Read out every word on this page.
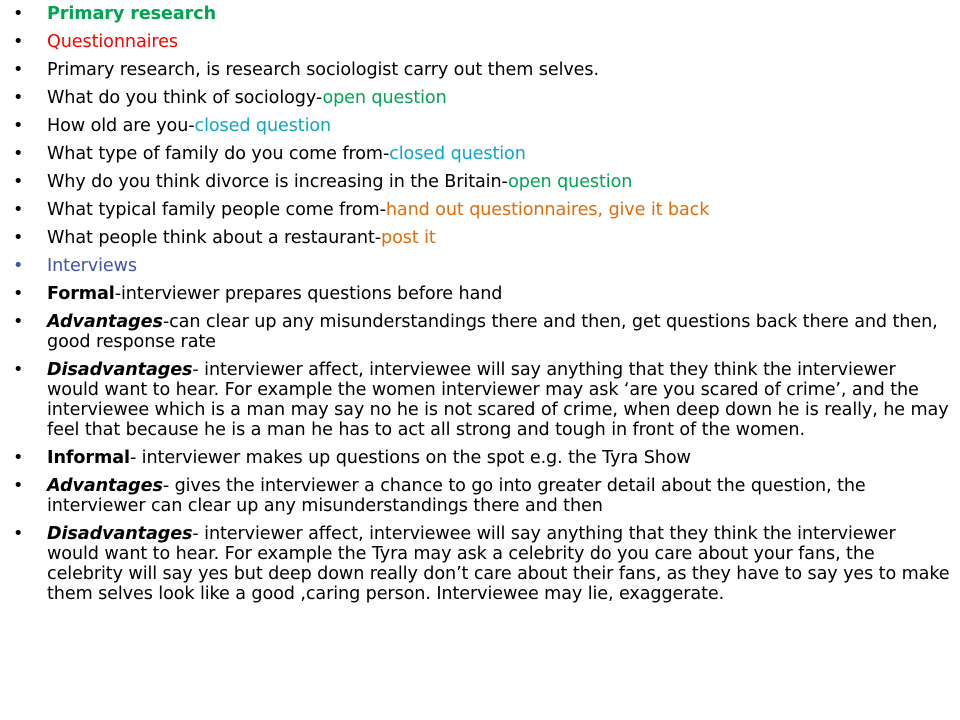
• Primary research
• Questionnaires
• Primary research, is research sociologist carry out them selves.
• What do you think of sociology-open question
• How old are you-closed question
• What type of family do you come from-closed question
• Why do you think divorce is increasing in the Britain-open question
• What typical family people come from-hand out questionnaires, give it back
• What people think about a restaurant-post it
• Interviews
• Formal-interviewer prepares questions before hand
• Advantages-can clear up any misunderstandings there and then, get questions back there and then, good response rate
• Disadvantages- interviewer affect, interviewee will say anything that they think the interviewer would want to hear. For example the women interviewer may ask ‘are you scared of crime’, and the interviewee which is a man may say no he is not scared of crime, when deep down he is really, he may feel that because he is a man he has to act all strong and tough in front of the women.
• Informal- interviewer makes up questions on the spot e.g. the Tyra Show
• Advantages- gives the interviewer a chance to go into greater detail about the question, the interviewer can clear up any misunderstandings there and then
• Disadvantages- interviewer affect, interviewee will say anything that they think the interviewer would want to hear. For example the Tyra may ask a celebrity do you care about your fans, the celebrity will say yes but deep down really don’t care about their fans, as they have to say yes to make them selves look like a good ,caring person. Interviewee may lie, exaggerate.
